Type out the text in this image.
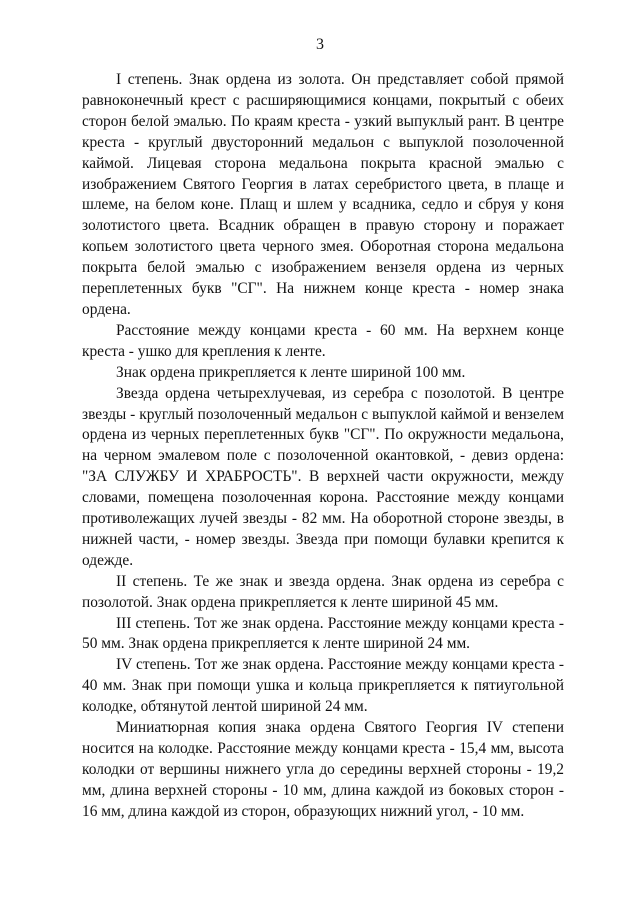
3

I степень. Знак ордена из золота. Он представляет собой прямой равноконечный крест с расширяющимися концами, покрытый с обеих сторон белой эмалью. По краям креста - узкий выпуклый рант. В центре креста - круглый двусторонний медальон с выпуклой позолоченной каймой. Лицевая сторона медальона покрыта красной эмалью с изображением Святого Георгия в латах серебристого цвета, в плаще и шлеме, на белом коне. Плащ и шлем у всадника, седло и сбруя у коня золотистого цвета. Всадник обращен в правую сторону и поражает копьем золотистого цвета черного змея. Оборотная сторона медальона покрыта белой эмалью с изображением вензеля ордена из черных переплетенных букв "СГ". На нижнем конце креста - номер знака ордена.

Расстояние между концами креста - 60 мм. На верхнем конце креста - ушко для крепления к ленте.

Знак ордена прикрепляется к ленте шириной 100 мм.

Звезда ордена четырехлучевая, из серебра с позолотой. В центре звезды - круглый позолоченный медальон с выпуклой каймой и вензелем ордена из черных переплетенных букв "СГ". По окружности медальона, на черном эмалевом поле с позолоченной окантовкой, - девиз ордена: "ЗА СЛУЖБУ И ХРАБРОСТЬ". В верхней части окружности, между словами, помещена позолоченная корона. Расстояние между концами противолежащих лучей звезды - 82 мм. На оборотной стороне звезды, в нижней части, - номер звезды. Звезда при помощи булавки крепится к одежде.

II степень. Те же знак и звезда ордена. Знак ордена из серебра с позолотой. Знак ордена прикрепляется к ленте шириной 45 мм.

III степень. Тот же знак ордена. Расстояние между концами креста - 50 мм. Знак ордена прикрепляется к ленте шириной 24 мм.

IV степень. Тот же знак ордена. Расстояние между концами креста - 40 мм. Знак при помощи ушка и кольца прикрепляется к пятиугольной колодке, обтянутой лентой шириной 24 мм.

Миниатюрная копия знака ордена Святого Георгия IV степени носится на колодке. Расстояние между концами креста - 15,4 мм, высота колодки от вершины нижнего угла до середины верхней стороны - 19,2 мм, длина верхней стороны - 10 мм, длина каждой из боковых сторон - 16 мм, длина каждой из сторон, образующих нижний угол, - 10 мм.
